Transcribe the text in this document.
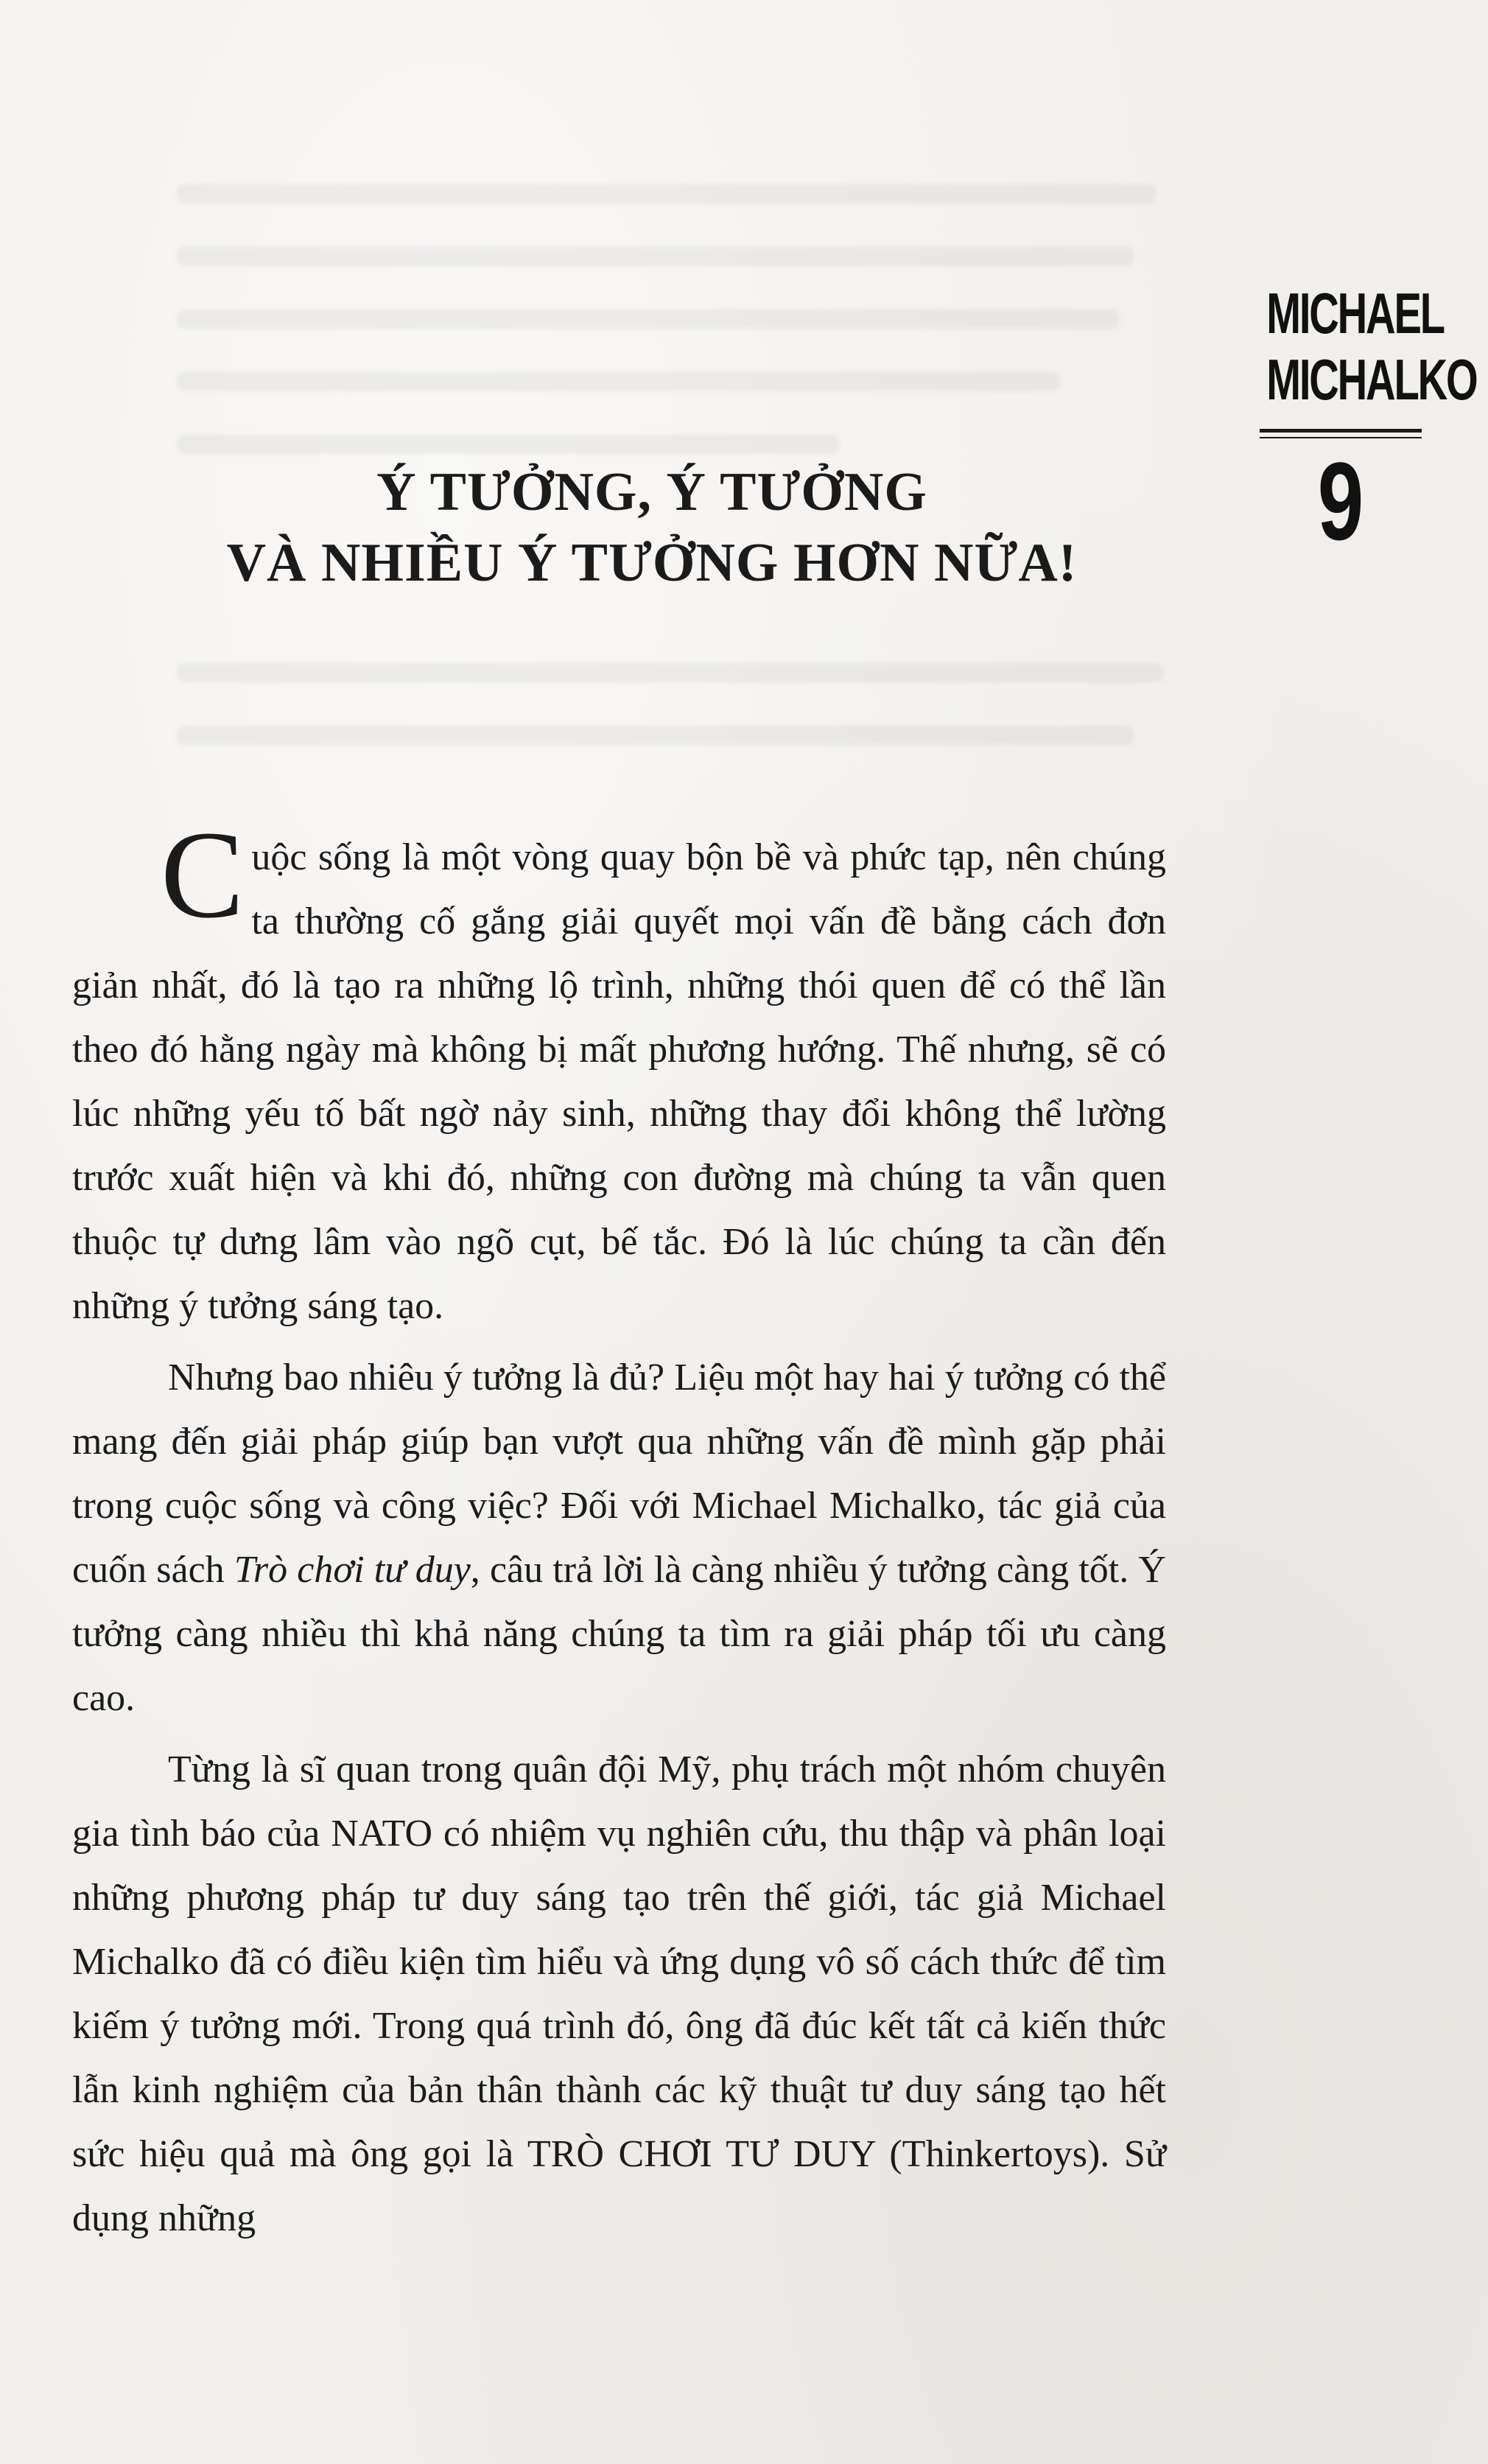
MICHAEL
MICHALKO
9
Ý TƯỞNG, Ý TƯỞNG
VÀ NHIỀU Ý TƯỞNG HƠN NỮA!

Cuộc sống là một vòng quay bộn bề và phức tạp, nên chúng ta thường cố gắng giải quyết mọi vấn đề bằng cách đơn giản nhất, đó là tạo ra những lộ trình, những thói quen để có thể lần theo đó hằng ngày mà không bị mất phương hướng. Thế nhưng, sẽ có lúc những yếu tố bất ngờ nảy sinh, những thay đổi không thể lường trước xuất hiện và khi đó, những con đường mà chúng ta vẫn quen thuộc tự dưng lâm vào ngõ cụt, bế tắc. Đó là lúc chúng ta cần đến những ý tưởng sáng tạo.

Nhưng bao nhiêu ý tưởng là đủ? Liệu một hay hai ý tưởng có thể mang đến giải pháp giúp bạn vượt qua những vấn đề mình gặp phải trong cuộc sống và công việc? Đối với Michael Michalko, tác giả của cuốn sách Trò chơi tư duy, câu trả lời là càng nhiều ý tưởng càng tốt. Ý tưởng càng nhiều thì khả năng chúng ta tìm ra giải pháp tối ưu càng cao.

Từng là sĩ quan trong quân đội Mỹ, phụ trách một nhóm chuyên gia tình báo của NATO có nhiệm vụ nghiên cứu, thu thập và phân loại những phương pháp tư duy sáng tạo trên thế giới, tác giả Michael Michalko đã có điều kiện tìm hiểu và ứng dụng vô số cách thức để tìm kiếm ý tưởng mới. Trong quá trình đó, ông đã đúc kết tất cả kiến thức lẫn kinh nghiệm của bản thân thành các kỹ thuật tư duy sáng tạo hết sức hiệu quả mà ông gọi là TRÒ CHƠI TƯ DUY (Thinkertoys). Sử dụng những
